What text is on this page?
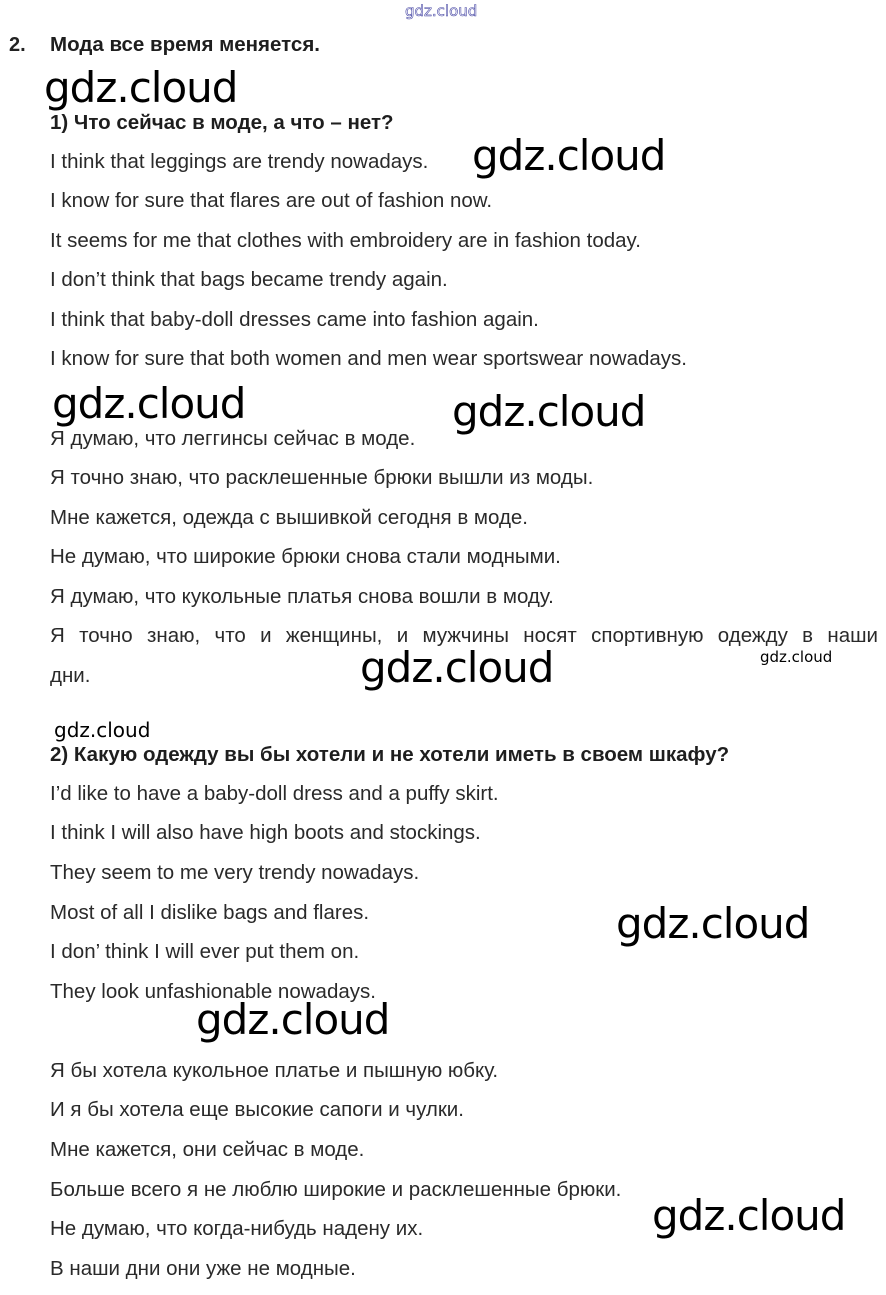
gdz.cloud
2. Мода все время меняется.
1) Что сейчас в моде, а что – нет?
I think that leggings are trendy nowadays.
I know for sure that flares are out of fashion now.
It seems for me that clothes with embroidery are in fashion today.
I don’t think that bags became trendy again.
I think that baby-doll dresses came into fashion again.
I know for sure that both women and men wear sportswear nowadays.
Я думаю, что леггинсы сейчас в моде.
Я точно знаю, что расклешенные брюки вышли из моды.
Мне кажется, одежда с вышивкой сегодня в моде.
Не думаю, что широкие брюки снова стали модными.
Я думаю, что кукольные платья снова вошли в моду.
Я точно знаю, что и женщины, и мужчины носят спортивную одежду в наши
дни.
2) Какую одежду вы бы хотели и не хотели иметь в своем шкафу?
I’d like to have a baby-doll dress and a puffy skirt.
I think I will also have high boots and stockings.
They seem to me very trendy nowadays.
Most of all I dislike bags and flares.
I don’ think I will ever put them on.
They look unfashionable nowadays.
Я бы хотела кукольное платье и пышную юбку.
И я бы хотела еще высокие сапоги и чулки.
Мне кажется, они сейчас в моде.
Больше всего я не люблю широкие и расклешенные брюки.
Не думаю, что когда-нибудь надену их.
В наши дни они уже не модные.
gdz.cloud
gdz.cloud
gdz.cloud	gdz.cloud
gdz.cloud	gdz.cloud
gdz.cloud
gdz.cloud
gdz.cloud
gdz.cloud
